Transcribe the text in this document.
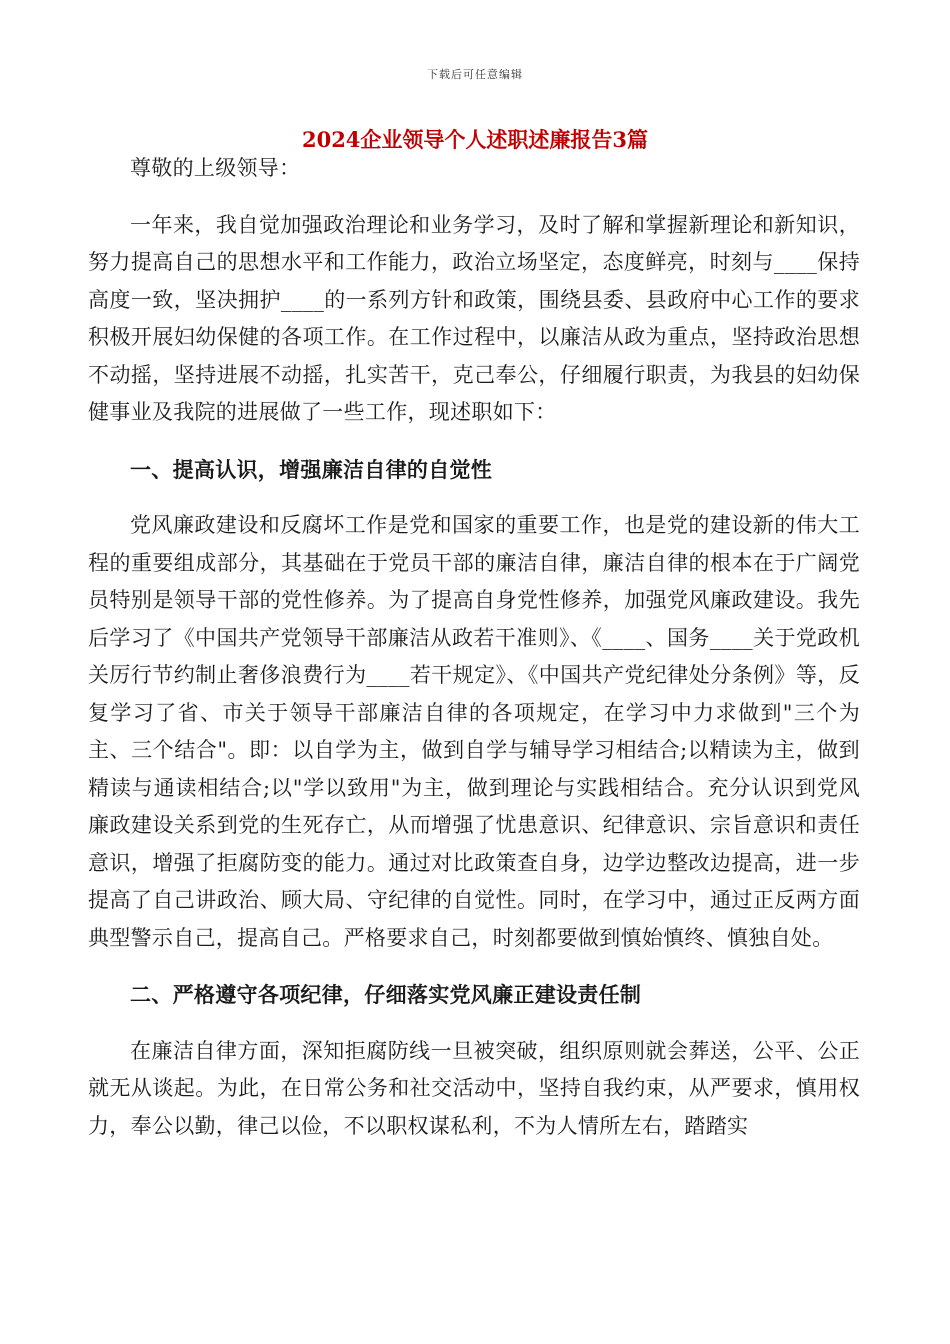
下载后可任意编辑
2024企业领导个人述职述廉报告3篇

尊敬的上级领导：

一年来，我自觉加强政治理论和业务学习，及时了解和掌握新理论和新知识，努力提高自己的思想水平和工作能力，政治立场坚定，态度鲜亮，时刻与____保持高度一致，坚决拥护____的一系列方针和政策，围绕县委、县政府中心工作的要求积极开展妇幼保健的各项工作。在工作过程中，以廉洁从政为重点，坚持政治思想不动摇，坚持进展不动摇，扎实苦干，克己奉公，仔细履行职责，为我县的妇幼保健事业及我院的进展做了一些工作，现述职如下：

一、提高认识，增强廉洁自律的自觉性

党风廉政建设和反腐坏工作是党和国家的重要工作，也是党的建设新的伟大工程的重要组成部分，其基础在于党员干部的廉洁自律，廉洁自律的根本在于广阔党员特别是领导干部的党性修养。为了提高自身党性修养，加强党风廉政建设。我先后学习了《中国共产党领导干部廉洁从政若干准则》、《____、国务____关于党政机关厉行节约制止奢侈浪费行为____若干规定》、《中国共产党纪律处分条例》等，反复学习了省、市关于领导干部廉洁自律的各项规定，在学习中力求做到"三个为主、三个结合"。即：以自学为主，做到自学与辅导学习相结合;以精读为主，做到精读与通读相结合;以"学以致用"为主，做到理论与实践相结合。充分认识到党风廉政建设关系到党的生死存亡，从而增强了忧患意识、纪律意识、宗旨意识和责任意识，增强了拒腐防变的能力。通过对比政策查自身，边学边整改边提高，进一步提高了自己讲政治、顾大局、守纪律的自觉性。同时，在学习中，通过正反两方面典型警示自己，提高自己。严格要求自己，时刻都要做到慎始慎终、慎独自处。

二、严格遵守各项纪律，仔细落实党风廉正建设责任制

在廉洁自律方面，深知拒腐防线一旦被突破，组织原则就会葬送，公平、公正就无从谈起。为此，在日常公务和社交活动中，坚持自我约束，从严要求，慎用权力，奉公以勤，律己以俭，不以职权谋私利，不为人情所左右，踏踏实
